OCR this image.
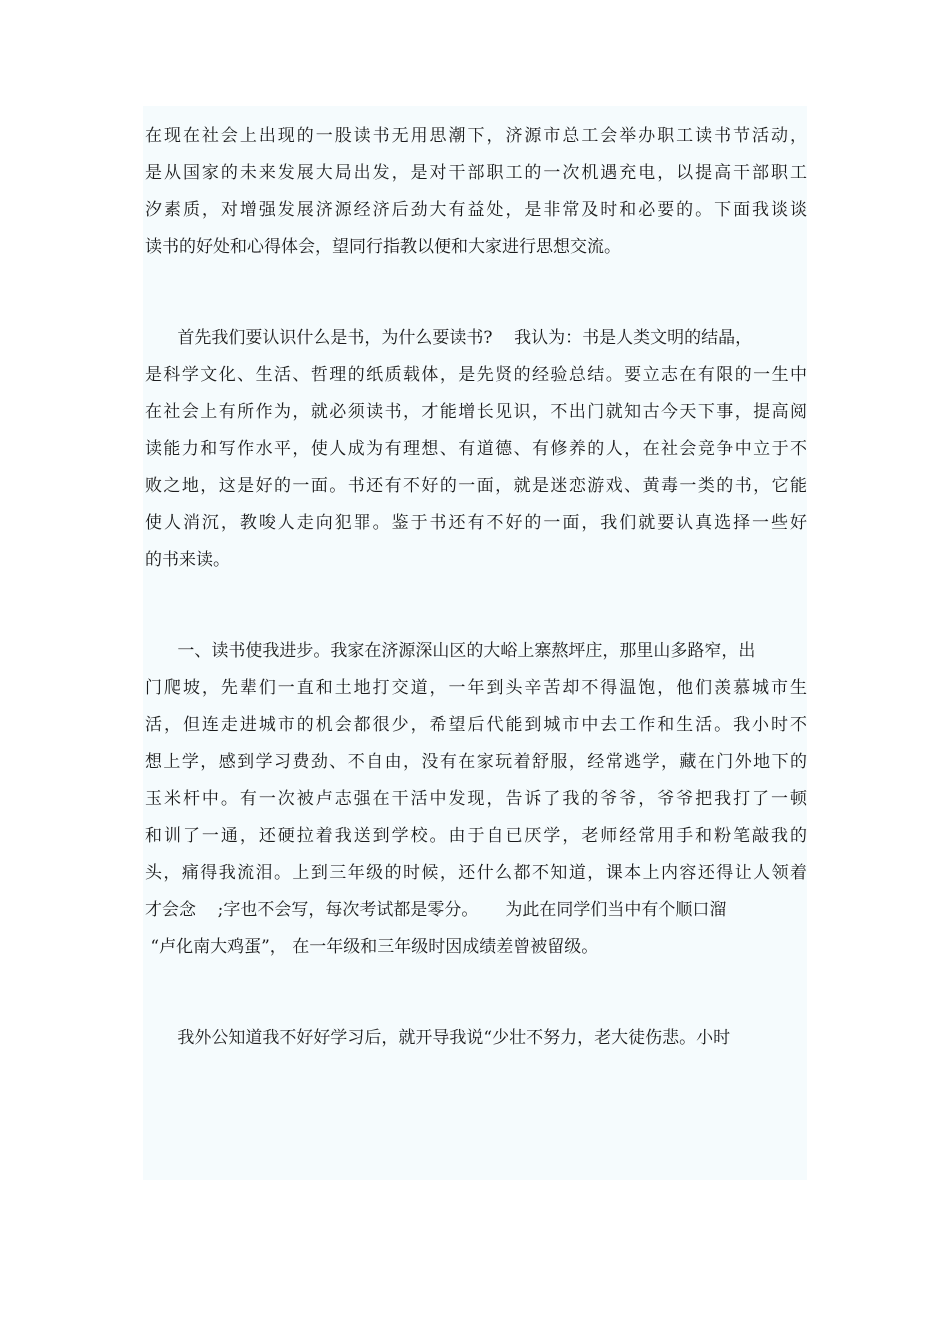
在现在社会上出现的一股读书无用思潮下，济源市总工会举办职工读书节活动，
是从国家的未来发展大局出发，是对干部职工的一次机遇充电，以提高干部职工
汐素质，对增强发展济源经济后劲大有益处，是非常及时和必要的。下面我谈谈
读书的好处和心得体会，望同行指教以便和大家进行思想交流。
首先我们要认识什么是书，为什么要读书?    我认为：书是人类文明的结晶，
是科学文化、生活、哲理的纸质载体，是先贤的经验总结。要立志在有限的一生中
在社会上有所作为，就必须读书，才能增长见识，不出门就知古今天下事，提高阅
读能力和写作水平，使人成为有理想、有道德、有修养的人，在社会竞争中立于不
败之地，这是好的一面。书还有不好的一面，就是迷恋游戏、黄毒一类的书，它能
使人消沉，教唆人走向犯罪。鉴于书还有不好的一面，我们就要认真选择一些好
的书来读。
一、读书使我进步。我家在济源深山区的大峪上寨熬坪庄，那里山多路窄，出
门爬坡，先辈们一直和土地打交道，一年到头辛苦却不得温饱，他们羡慕城市生
活，但连走进城市的机会都很少，希望后代能到城市中去工作和生活。我小时不
想上学，感到学习费劲、不自由，没有在家玩着舒服，经常逃学，藏在门外地下的
玉米杆中。有一次被卢志强在干活中发现，告诉了我的爷爷，爷爷把我打了一顿
和训了一通，还硬拉着我送到学校。由于自已厌学，老师经常用手和粉笔敲我的
头，痛得我流泪。上到三年级的时候，还什么都不知道，课本上内容还得让人领着
才会念    ;字也不会写，每次考试都是零分。     为此在同学们当中有个顺口溜
“卢化南大鸡蛋”， 在一年级和三年级时因成绩差曾被留级。
我外公知道我不好好学习后，就开导我说“少壮不努力，老大徒伤悲。小时
